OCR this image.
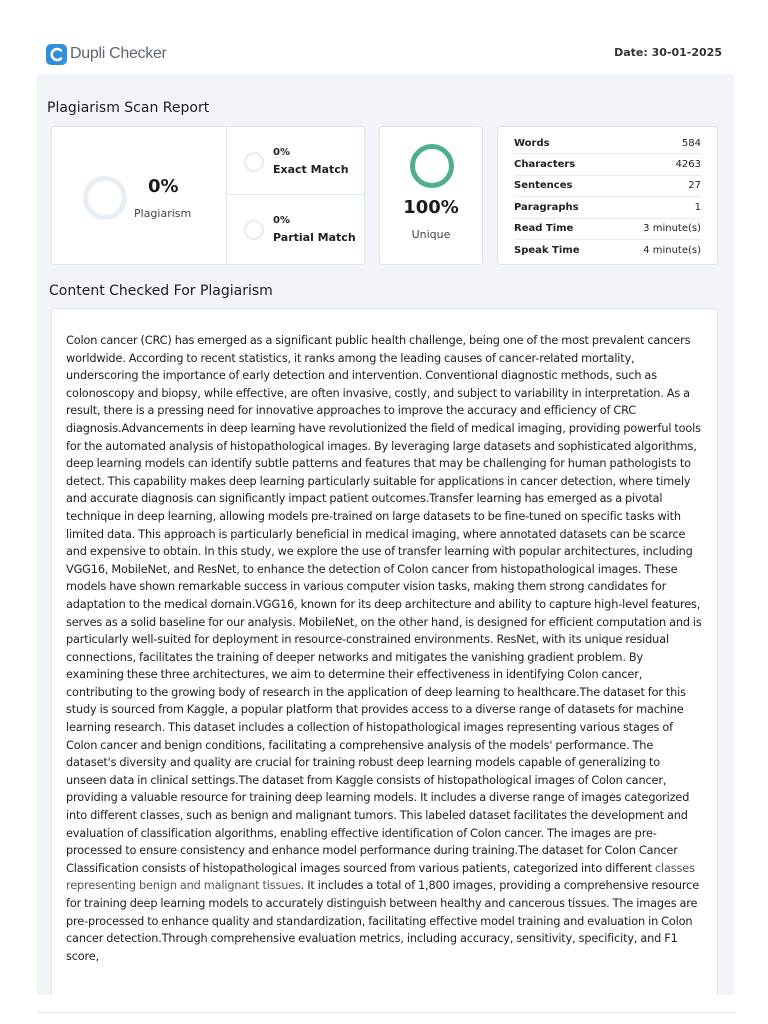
Dupli Checker	Date: 30-01-2025
Plagiarism Scan Report
0%
Plagiarism
0%
Exact Match
0%
Partial Match
100%
Unique
Words	584
Characters	4263
Sentences	27
Paragraphs	1
Read Time	3 minute(s)
Speak Time	4 minute(s)
Content Checked For Plagiarism

Colon cancer (CRC) has emerged as a significant public health challenge, being one of the most prevalent cancers worldwide. According to recent statistics, it ranks among the leading causes of cancer-related mortality, underscoring the importance of early detection and intervention. Conventional diagnostic methods, such as colonoscopy and biopsy, while effective, are often invasive, costly, and subject to variability in interpretation. As a result, there is a pressing need for innovative approaches to improve the accuracy and efficiency of CRC diagnosis.Advancements in deep learning have revolutionized the field of medical imaging, providing powerful tools for the automated analysis of histopathological images. By leveraging large datasets and sophisticated algorithms, deep learning models can identify subtle patterns and features that may be challenging for human pathologists to detect. This capability makes deep learning particularly suitable for applications in cancer detection, where timely and accurate diagnosis can significantly impact patient outcomes.Transfer learning has emerged as a pivotal technique in deep learning, allowing models pre-trained on large datasets to be fine-tuned on specific tasks with limited data. This approach is particularly beneficial in medical imaging, where annotated datasets can be scarce and expensive to obtain. In this study, we explore the use of transfer learning with popular architectures, including VGG16, MobileNet, and ResNet, to enhance the detection of Colon cancer from histopathological images. These models have shown remarkable success in various computer vision tasks, making them strong candidates for adaptation to the medical domain.VGG16, known for its deep architecture and ability to capture high-level features, serves as a solid baseline for our analysis. MobileNet, on the other hand, is designed for efficient computation and is particularly well-suited for deployment in resource-constrained environments. ResNet, with its unique residual connections, facilitates the training of deeper networks and mitigates the vanishing gradient problem. By examining these three architectures, we aim to determine their effectiveness in identifying Colon cancer, contributing to the growing body of research in the application of deep learning to healthcare.The dataset for this study is sourced from Kaggle, a popular platform that provides access to a diverse range of datasets for machine learning research. This dataset includes a collection of histopathological images representing various stages of Colon cancer and benign conditions, facilitating a comprehensive analysis of the models' performance. The dataset's diversity and quality are crucial for training robust deep learning models capable of generalizing to unseen data in clinical settings.The dataset from Kaggle consists of histopathological images of Colon cancer, providing a valuable resource for training deep learning models. It includes a diverse range of images categorized into different classes, such as benign and malignant tumors. This labeled dataset facilitates the development and evaluation of classification algorithms, enabling effective identification of Colon cancer. The images are pre-processed to ensure consistency and enhance model performance during training.The dataset for Colon Cancer Classification consists of histopathological images sourced from various patients, categorized into different classes representing benign and malignant tissues. It includes a total of 1,800 images, providing a comprehensive resource for training deep learning models to accurately distinguish between healthy and cancerous tissues. The images are pre-processed to enhance quality and standardization, facilitating effective model training and evaluation in Colon cancer detection.Through comprehensive evaluation metrics, including accuracy, sensitivity, specificity, and F1 score,
